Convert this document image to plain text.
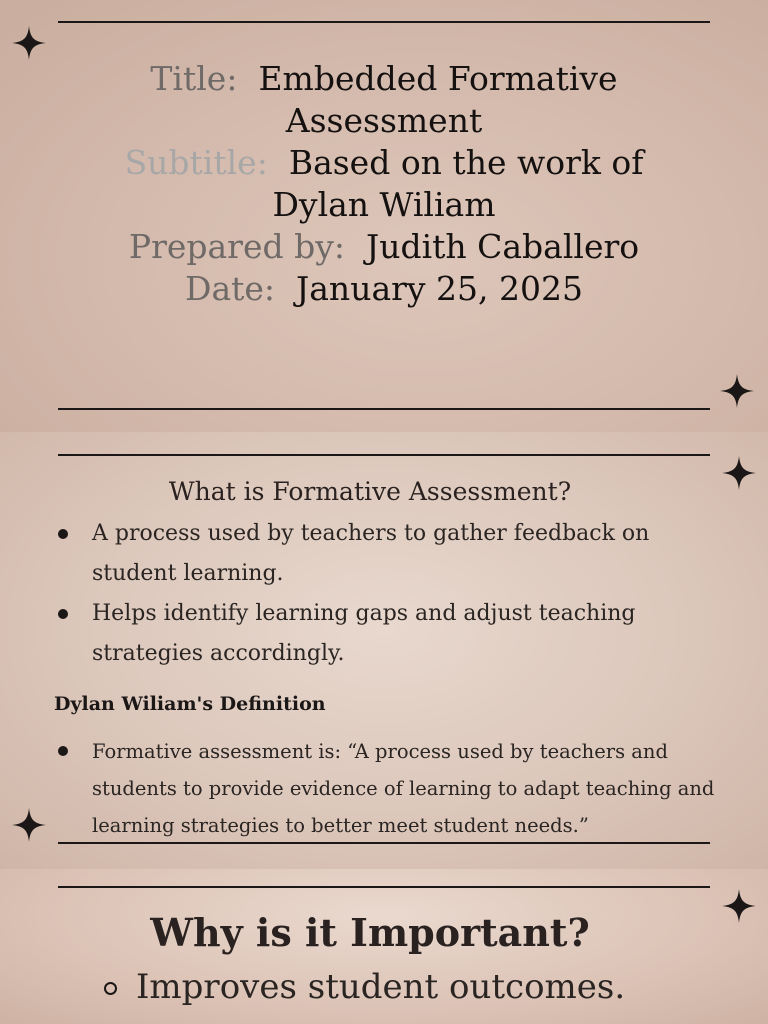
Title: Embedded Formative
Assessment
Subtitle: Based on the work of
Dylan Wiliam
Prepared by: Judith Caballero
Date: January 25, 2025
What is Formative Assessment?
A process used by teachers to gather feedback on student learning.
Helps identify learning gaps and adjust teaching strategies accordingly.
Dylan Wiliam's Definition
Formative assessment is: “A process used by teachers and students to provide evidence of learning to adapt teaching and learning strategies to better meet student needs.”
Why is it Important?
Improves student outcomes.
